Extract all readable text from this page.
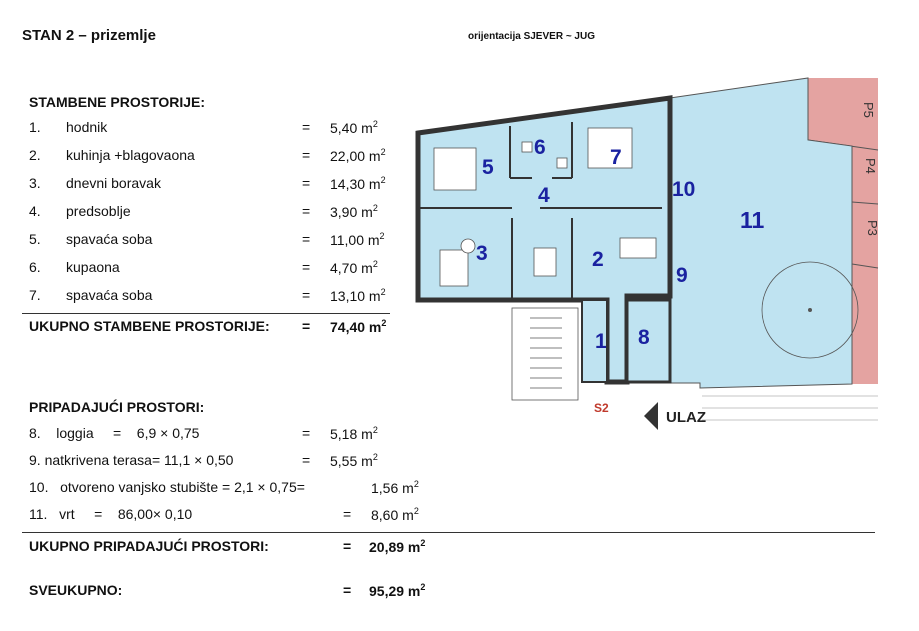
STAN 2 – prizemlje	orijentacija SJEVER ~ JUG
STAMBENE PROSTORIJE:
1. hodnik	= 5,40 $m^2$
2. kuhinja +blagovaona	= 22,00 $m^2$
3. dnevni boravak	= 14,30 $m^2$
4. predsoblje	= 3,90 $m^2$
5. spavaća soba	= 11,00 $m^2$
6. kupaona	= 4,70 $m^2$
7. spavaća soba	= 13,10 $m^2$
UKUPNO STAMBENE PROSTORIJE: = 74,40 $m^2$
PRIPADAJUĆI PROSTORI:
8.    loggia     =    6,9 × 0,75	= 5,18 $m^2$
9. natkrivena terasa= 11,1 × 0,50	= 5,55 $m^2$
10.   otvoreno vanjsko stubište = 2,1 × 0,75=	1,56 $m^2$
11.   vrt     =    86,00× 0,10	= 8,60 $m^2$
UKUPNO PRIPADAJUĆI PROSTORI:	= 20,89 $m^2$
SVEUKUPNO:	= 95,29 $m^2$
P5
P4
P3
1
2
3
4
5
6	7
8
9
10
11
S2
ULAZ
